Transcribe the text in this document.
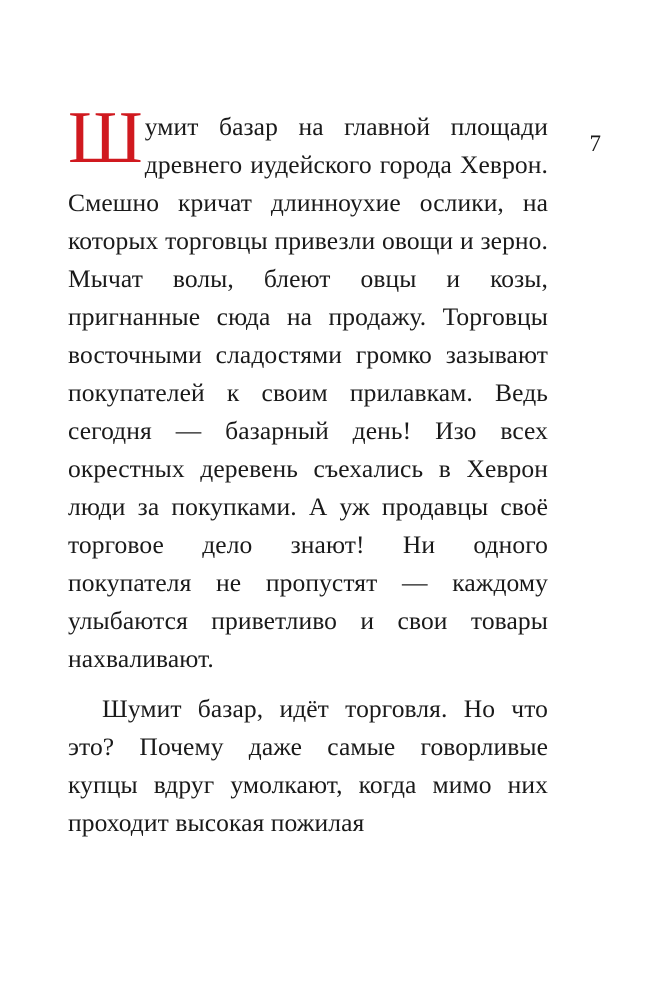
7

Шумит базар на главной площади древнего иудейского города Хеврон. Смешно кричат длинноухие ослики, на которых торговцы привезли овощи и зерно. Мычат волы, блеют овцы и козы, пригнанные сюда на продажу. Торговцы восточными сладостями громко зазывают покупателей к своим прилавкам. Ведь сегодня — базарный день! Изо всех окрестных деревень съехались в Хеврон люди за покупками. А уж продавцы своё торговое дело знают! Ни одного покупателя не пропустят — каждому улыбаются приветливо и свои товары нахваливают.

Шумит базар, идёт торговля. Но что это? Почему даже самые говорливые купцы вдруг умолкают, когда мимо них проходит высокая пожилая
